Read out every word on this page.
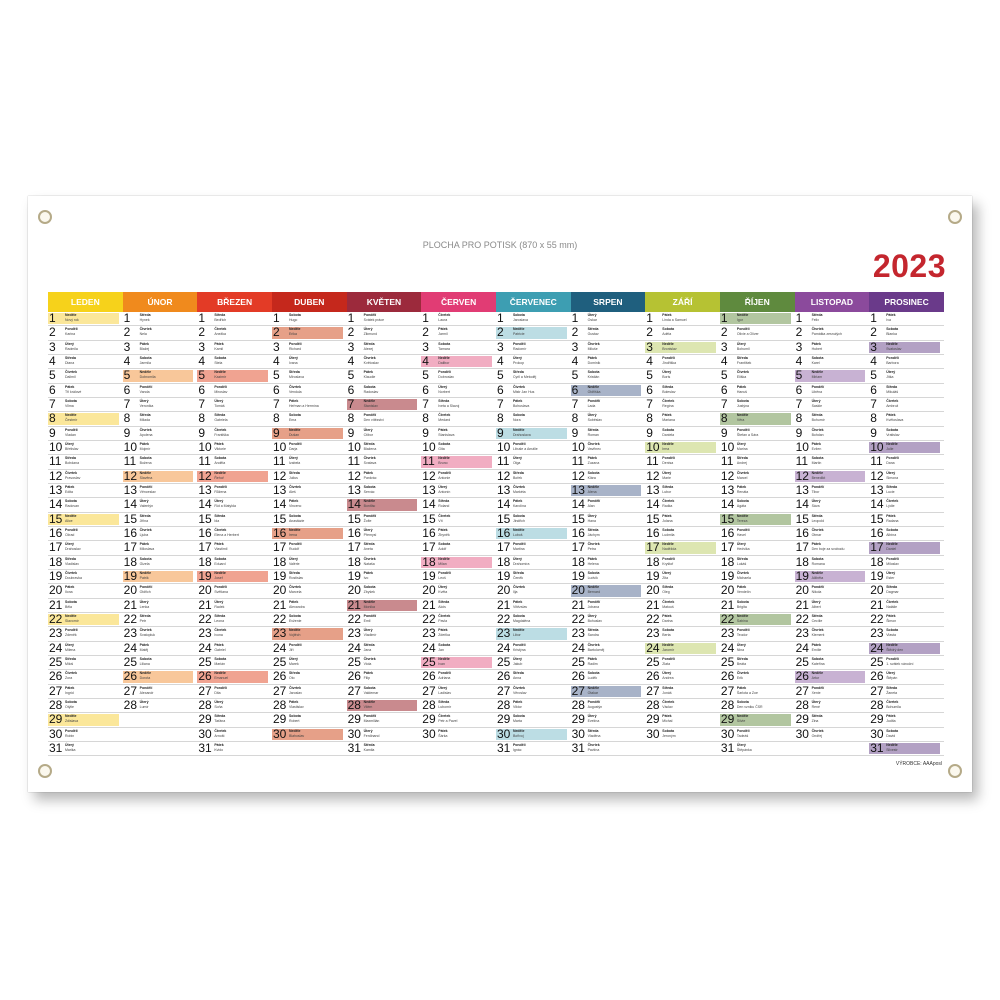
PLOCHA PRO POTISK (870 x 55 mm)
2023
LEDEN
1	Neděle
Nový rok
2	Pondělí
Karina
3	Úterý
Radmila
4	Středa
Diana
5	Čtvrtek
Dalimil
6	Pátek
Tři králové
7	Sobota
Vilma
8	Neděle
Čestmír
9	Pondělí
Vladan
10 Úterý
Břetislav
11 Středa
Bohdana
12 Čtvrtek
Pravoslav
13 Pátek
Edita
14 Sobota
Radovan
15 Neděle
Alice
16 Pondělí
Ctirad
17 Úterý
Drahoslav
18 Středa
Vladislav
19 Čtvrtek
Doubravka
20 Pátek
Ilona
21 Sobota
Běla
22 Neděle
Slavomír
23 Pondělí
Zdeněk
24 Úterý
Milena
25 Středa
Miloš
26 Čtvrtek
Zora
27 Pátek
Ingrid
28 Sobota
Otýlie
29 Neděle
Zdislava
30 Pondělí
Robin
31 Úterý
Marika
ÚNOR
1	Středa
Hynek
2	Čtvrtek
Nela
3	Pátek
Blažej
4	Sobota
Jarmila
5	Neděle
Dobromila
6	Pondělí
Vanda
7	Úterý
Veronika
8	Středa
Milada
9	Čtvrtek
Apolena
10 Pátek
Mojmír
11 Sobota
Božena
12 Neděle
Slavěna
13 Pondělí
Věnceslav
14 Úterý
Valentýn
15 Středa
Jiřina
16 Čtvrtek
Ljuba
17 Pátek
Miloslava
18 Sobota
Gizela
19 Neděle
Patrik
20 Pondělí
Oldřich
21 Úterý
Lenka
22 Středa
Petr
23 Čtvrtek
Svatopluk
24 Pátek
Matěj
25 Sobota
Liliana
26 Neděle
Dorota
27 Pondělí
Alexandr
28 Úterý
Lumír
BŘEZEN
1	Středa
Bedřich
2	Čtvrtek
Anežka
3	Pátek
Kamil
4	Sobota
Stela
5	Neděle
Kazimír
6	Pondělí
Miroslav
7	Úterý
Tomáš
8	Středa
Gabriela
9	Čtvrtek
Františka
10 Pátek
Viktorie
11 Sobota
Anděla
12 Neděle
Řehoř
13 Pondělí
Růžena
14 Úterý
Rút a Matylda
15 Středa
Ida
16 Čtvrtek
Elena a Herbert
17 Pátek
Vlastimil
18 Sobota
Eduard
19 Neděle
Josef
20 Pondělí
Světlana
21 Úterý
Radek
22 Středa
Leona
23 Čtvrtek
Ivona
24 Pátek
Gabriel
25 Sobota
Marián
26 Neděle
Emanuel
27 Pondělí
Dita
28 Úterý
Soňa
29 Středa
Taťána
30 Čtvrtek
Arnošt
31 Pátek
Kvido
DUBEN
1	Sobota
Hugo
2	Neděle
Erika
3	Pondělí
Richard
4	Úterý
Ivana
5	Středa
Miroslava
6	Čtvrtek
Vendula
7	Pátek
Heřman a Hermína
8	Sobota
Ema
9	Neděle
Dušan
10 Pondělí
Darja
11 Úterý
Izabela
12 Středa
Julius
13 Čtvrtek
Aleš
14 Pátek
Vincenc
15 Sobota
Anastázie
16 Neděle
Irena
17 Pondělí
Rudolf
18 Úterý
Valérie
19 Středa
Rostislav
20 Čtvrtek
Marcela
21 Pátek
Alexandra
22 Sobota
Evženie
23 Neděle
Vojtěch
24 Pondělí
Jiří
25 Úterý
Marek
26 Středa
Oto
27 Čtvrtek
Jaroslav
28 Pátek
Vlastislav
29 Sobota
Robert
30 Neděle
Blahoslav
KVĚTEN
1	Pondělí
Svátek práce
2	Úterý
Zikmund
3	Středa
Alexej
4	Čtvrtek
Květoslav
5	Pátek
Klaudie
6	Sobota
Radoslav
7	Neděle
Stanislav
8	Pondělí
Den vítězství
9	Úterý
Ctibor
10 Středa
Blažena
11 Čtvrtek
Svatava
12 Pátek
Pankrác
13 Sobota
Servác
14 Neděle
Bonifác
15 Pondělí
Žofie
16 Úterý
Přemysl
17 Středa
Aneta
18 Čtvrtek
Nataša
19 Pátek
Ivo
20 Sobota
Zbyšek
21 Neděle
Monika
22 Pondělí
Emil
23 Úterý
Vladimír
24 Středa
Jana
25 Čtvrtek
Viola
26 Pátek
Filip
27 Sobota
Valdemar
28 Neděle
Vilém
29 Pondělí
Maxmilián
30 Úterý
Ferdinand
31 Středa
Kamila
ČERVEN
1	Čtvrtek
Laura
2	Pátek
Jarmil
3	Sobota
Tamara
4	Neděle
Dalibor
5	Pondělí
Dobroslav
6	Úterý
Norbert
7	Středa
Iveta a Slavoj
8	Čtvrtek
Medard
9	Pátek
Stanislava
10 Sobota
Gita
11 Neděle
Bruno
12 Pondělí
Antonie
13 Úterý
Antonín
14 Středa
Roland
15 Čtvrtek
Vít
16 Pátek
Zbyněk
17 Sobota
Adolf
18 Neděle
Milan
19 Pondělí
Leoš
20 Úterý
Květa
21 Středa
Alois
22 Čtvrtek
Pavla
23 Pátek
Zdeňka
24 Sobota
Jan
25 Neděle
Ivan
26 Pondělí
Adriana
27 Úterý
Ladislav
28 Středa
Lubomír
29 Čtvrtek
Petr a Pavel
30 Pátek
Šárka
ČERVENEC
1	Sobota
Jaroslava
2	Neděle
Patricie
3	Pondělí
Radomír
4	Úterý
Prokop
5	Středa
Cyril a Metoděj
6	Čtvrtek
Mistr Jan Hus
7	Pátek
Bohuslava
8	Sobota
Nora
9	Neděle
Drahoslava
10 Pondělí
Libuše a Amálie
11 Úterý
Olga
12 Středa
Bořek
13 Čtvrtek
Markéta
14 Pátek
Karolína
15 Sobota
Jindřich
16 Neděle
Luboš
17 Pondělí
Martina
18 Úterý
Drahomíra
19 Středa
Čeněk
20 Čtvrtek
Ilja
21 Pátek
Vítězslav
22 Sobota
Magdaléna
23 Neděle
Libor
24 Pondělí
Kristýna
25 Úterý
Jakub
26 Středa
Anna
27 Čtvrtek
Věroslav
28 Pátek
Viktor
29 Sobota
Marta
30 Neděle
Bořivoj
31 Pondělí
Ignác
SRPEN
1	Úterý
Oskar
2	Středa
Gustav
3	Čtvrtek
Miluše
4	Pátek
Dominik
5	Sobota
Kristián
6	Neděle
Oldřiška
7	Pondělí
Lada
8	Úterý
Soběslav
9	Středa
Roman
10 Čtvrtek
Vavřinec
11 Pátek
Zuzana
12 Sobota
Klára
13 Neděle
Alena
14 Pondělí
Alan
15 Úterý
Hana
16 Středa
Jáchym
17 Čtvrtek
Petra
18 Pátek
Helena
19 Sobota
Ludvík
20 Neděle
Bernard
21 Pondělí
Johana
22 Úterý
Bohuslav
23 Středa
Sandra
24 Čtvrtek
Bartoloměj
25 Pátek
Radim
26 Sobota
Luděk
27 Neděle
Otakar
28 Pondělí
Augustýn
29 Úterý
Evelína
30 Středa
Vladěna
31 Čtvrtek
Pavlína
ZÁŘÍ
1	Pátek
Linda a Samuel
2	Sobota
Adéla
3	Neděle
Bronislav
4	Pondělí
Jindřiška
5	Úterý
Boris
6	Středa
Boleslav
7	Čtvrtek
Regína
8	Pátek
Mariana
9	Sobota
Daniela
10 Neděle
Irma
11 Pondělí
Denisa
12 Úterý
Marie
13 Středa
Lubor
14 Čtvrtek
Radka
15 Pátek
Jolana
16 Sobota
Ludmila
17 Neděle
Naděžda
18 Pondělí
Kryštof
19 Úterý
Zita
20 Středa
Oleg
21 Čtvrtek
Matouš
22 Pátek
Darina
23 Sobota
Berta
24 Neděle
Jaromír
25 Pondělí
Zlata
26 Úterý
Andrea
27 Středa
Jonáš
28 Čtvrtek
Václav
29 Pátek
Michal
30 Sobota
Jeroným
ŘÍJEN
1	Neděle
Igor
2	Pondělí
Olivie a Oliver
3	Úterý
Bohumil
4	Středa
František
5	Čtvrtek
Eliška
6	Pátek
Hanuš
7	Sobota
Justýna
8	Neděle
Věra
9	Pondělí
Štefan a Sára
10 Úterý
Marina
11 Středa
Andrej
12 Čtvrtek
Marcel
13 Pátek
Renáta
14 Sobota
Agáta
15 Neděle
Tereza
16 Pondělí
Havel
17 Úterý
Hedvika
18 Středa
Lukáš
19 Čtvrtek
Michaela
20 Pátek
Vendelín
21 Sobota
Brigita
22 Neděle
Sabina
23 Pondělí
Teodor
24 Úterý
Nina
25 Středa
Beáta
26 Čtvrtek
Erik
27 Pátek
Šarlota a Zoe
28 Sobota
Den vzniku ČSR
29 Neděle
Silvie
30 Pondělí
Tadeáš
31 Úterý
Štěpánka
LISTOPAD
1	Středa
Felix
2	Čtvrtek
Památka zesnulých
3	Pátek
Hubert
4	Sobota
Karel
5	Neděle
Miriam
6	Pondělí
Liběna
7	Úterý
Saskie
8	Středa
Bohumír
9	Čtvrtek
Bohdan
10 Pátek
Evžen
11 Sobota
Martin
12 Neděle
Benedikt
13 Pondělí
Tibor
14 Úterý
Sáva
15 Středa
Leopold
16 Čtvrtek
Otmar
17 Pátek
Den boje za svobodu
18 Sobota
Romana
19 Neděle
Alžběta
20 Pondělí
Nikola
21 Úterý
Albert
22 Středa
Cecílie
23 Čtvrtek
Klement
24 Pátek
Emílie
25 Sobota
Kateřina
26 Neděle
Artur
27 Pondělí
Xenie
28 Úterý
René
29 Středa
Zina
30 Čtvrtek
Ondřej
PROSINEC
1	Pátek
Iva
2	Sobota
Blanka
3	Neděle
Svatoslav
4	Pondělí
Barbora
5	Úterý
Jitka
6	Středa
Mikuláš
7	Čtvrtek
Ambrož
8	Pátek
Květoslava
9	Sobota
Vratislav
10 Neděle
Julie
11 Pondělí
Dana
12 Úterý
Simona
13 Středa
Lucie
14 Čtvrtek
Lýdie
15 Pátek
Radana
16 Sobota
Albína
17 Neděle
Daniel
18 Pondělí
Miloslav
19 Úterý
Ester
20 Středa
Dagmar
21 Čtvrtek
Natálie
22 Pátek
Šimon
23 Sobota
Vlasta
24 Neděle
Štědrý den
25 Pondělí
1. svátek vánoční
26 Úterý
Štěpán
27 Středa
Žaneta
28 Čtvrtek
Bohumila
29 Pátek
Judita
30 Sobota
David
31 Neděle
Silvestr
VÝROBCE: AAAposl
